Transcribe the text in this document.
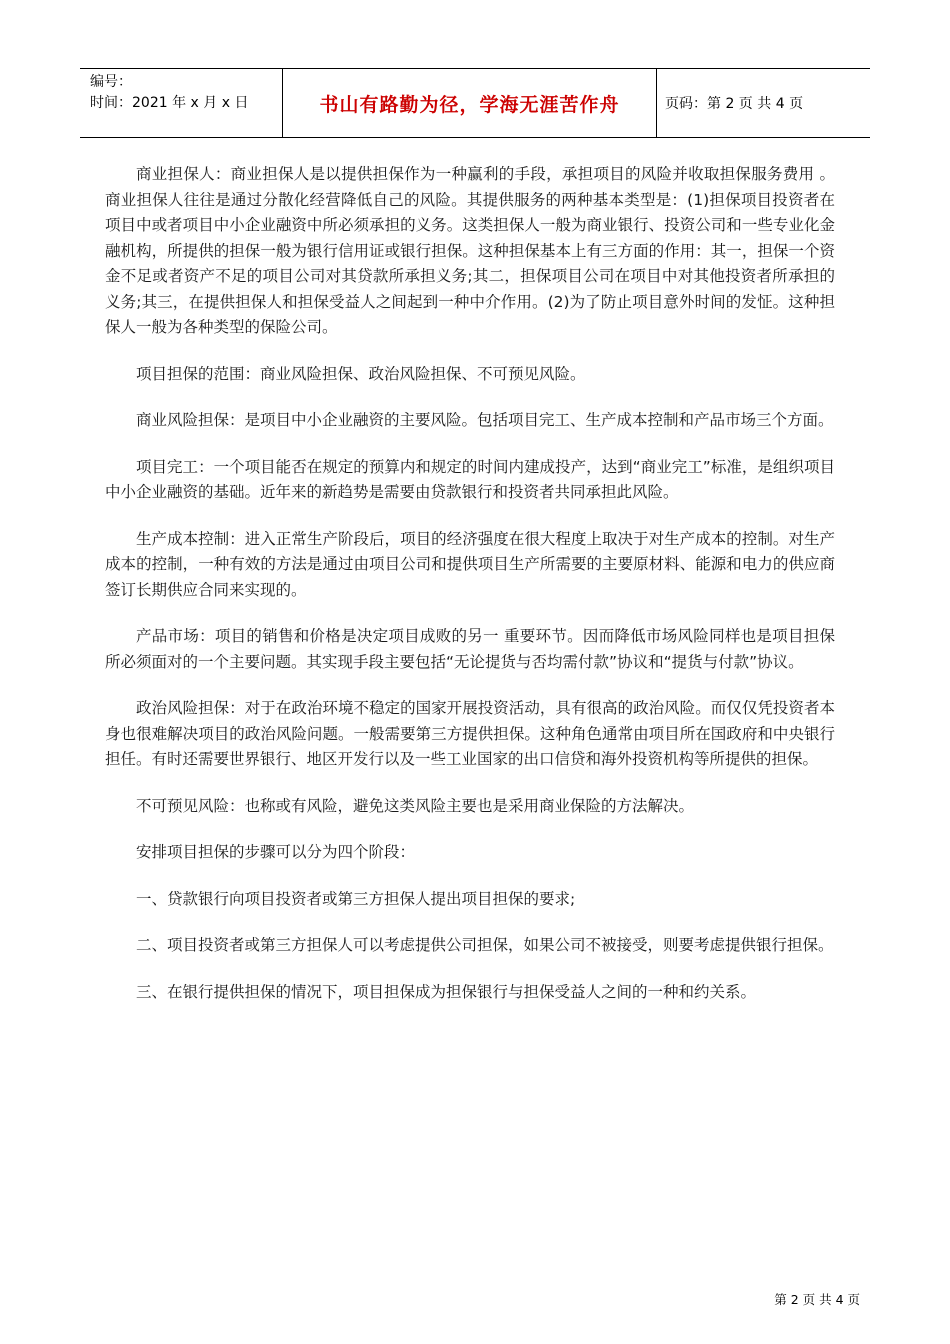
编号：
时间：2021 年 x 月 x 日	书山有路勤为径，学海无涯苦作舟	页码：第 2 页 共 4 页

商业担保人：商业担保人是以提供担保作为一种赢利的手段，承担项目的风险并收取担保服务费用 。商业担保人往往是通过分散化经营降低自己的风险。其提供服务的两种基本类型是：(1)担保项目投资者在项目中或者项目中小企业融资中所必须承担的义务。这类担保人一般为商业银行、投资公司和一些专业化金融机构，所提供的担保一般为银行信用证或银行担保。这种担保基本上有三方面的作用：其一，担保一个资金不足或者资产不足的项目公司对其贷款所承担义务;其二，担保项目公司在项目中对其他投资者所承担的义务;其三，在提供担保人和担保受益人之间起到一种中介作用。(2)为了防止项目意外时间的发怔。这种担保人一般为各种类型的保险公司。

项目担保的范围：商业风险担保、政治风险担保、不可预见风险。

商业风险担保：是项目中小企业融资的主要风险。包括项目完工、生产成本控制和产品市场三个方面。

项目完工：一个项目能否在规定的预算内和规定的时间内建成投产，达到“商业完工”标准，是组织项目中小企业融资的基础。近年来的新趋势是需要由贷款银行和投资者共同承担此风险。

生产成本控制：进入正常生产阶段后，项目的经济强度在很大程度上取决于对生产成本的控制。对生产成本的控制，一种有效的方法是通过由项目公司和提供项目生产所需要的主要原材料、能源和电力的供应商签订长期供应合同来实现的。

产品市场：项目的销售和价格是决定项目成败的另一 重要环节。因而降低市场风险同样也是项目担保所必须面对的一个主要问题。其实现手段主要包括“无论提货与否均需付款”协议和“提货与付款”协议。

政治风险担保：对于在政治环境不稳定的国家开展投资活动，具有很高的政治风险。而仅仅凭投资者本身也很难解决项目的政治风险问题。一般需要第三方提供担保。这种角色通常由项目所在国政府和中央银行担任。有时还需要世界银行、地区开发行以及一些工业国家的出口信贷和海外投资机构等所提供的担保。

不可预见风险：也称或有风险，避免这类风险主要也是采用商业保险的方法解决。

安排项目担保的步骤可以分为四个阶段：

一、贷款银行向项目投资者或第三方担保人提出项目担保的要求;

二、项目投资者或第三方担保人可以考虑提供公司担保，如果公司不被接受，则要考虑提供银行担保。

三、在银行提供担保的情况下，项目担保成为担保银行与担保受益人之间的一种和约关系。

第 2 页 共 4 页
